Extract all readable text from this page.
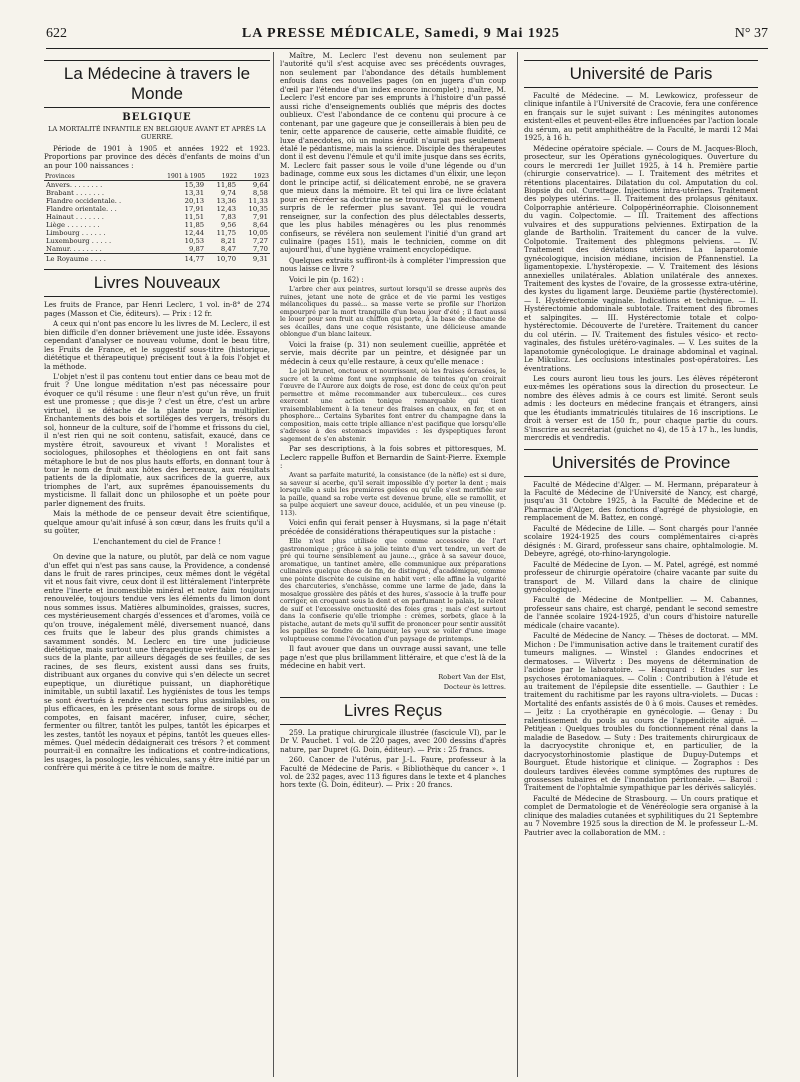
622	LA PRESSE MÉDICALE, Samedi, 9 Mai 1925	N° 37
La Médecine à travers le Monde
BELGIQUE
LA MORTALITÉ INFANTILE EN BELGIQUE AVANT ET APRÈS LA GUERRE.

Période de 1901 à 1905 et années 1922 et 1923. Proportions par province des décès d'enfants de moins d'un an pour 100 naissances :

Provinces	1901 à 1905	1922	1923
Anvers. . . . . . . .	15,39	11,85	9,64
Brabant . . . . . . .	13,31	9,74	8,58
Flandre occidentale. .	20,13	13,36	11,33
Flandre orientale. . .	17,91	12,43	10,35
Hainaut . . . . . . .	11,51	7,83	7,91
Liège . . . . . . . .	11,85	9,56	8,64
Limbourg . . . . . .	12,44	11,75	10,05
Luxembourg . . . . .	10,53	8,21	7,27
Namur. . . . . . . .	9,87	8,47	7,70
Le Royaume . . . .	14,77	10,70	9,31
Livres Nouveaux

Les fruits de France, par Henri Leclerc, 1 vol. in-8° de 274 pages (Masson et Cie, éditeurs). — Prix : 12 fr.

A ceux qui n'ont pas encore lu les livres de M. Leclerc, il est bien difficile d'en donner brièvement une juste idée. Essayons cependant d'analyser ce nouveau volume, dont le beau titre, les Fruits de France, et le suggestif sous-titre (historique, diététique et thérapeutique) précisent tout à la fois l'objet et la méthode.

L'objet n'est il pas contenu tout entier dans ce beau mot de fruit ? Une longue méditation n'est pas nécessaire pour évoquer ce qu'il résume : une fleur n'est qu'un rêve, un fruit est une promesse ; que dis-je ? c'est un être, c'est un arbre virtuel, il se détache de la plante pour la multiplier. Enchantements des bois et sortilèges des vergers, trésors du sol, honneur de la culture, soif de l'homme et frissons du ciel, il n'est rien qui ne soit contenu, satisfait, exaucé, dans ce mystère étroit, savoureux et vivant ! Moralistes et sociologues, philosophes et théologiens en ont fait sans métaphore le but de nos plus hauts efforts, en donnant tour à tour le nom de fruit aux hôtes des berceaux, aux résultats patients de la diplomatie, aux sacrifices de la guerre, aux triomphes de l'art, aux suprêmes épanouissements du mysticisme. Il fallait donc un philosophe et un poète pour parler dignement des fruits.

Mais la méthode de ce penseur devait être scientifique, quelque amour qu'ait infusé à son cœur, dans les fruits qu'il a su goûter,

L'enchantement du ciel de France !

On devine que la nature, ou plutôt, par delà ce nom vague d'un effet qui n'est pas sans cause, la Providence, a condensé dans le fruit de rares principes, ceux mêmes dont le végétal vit et nous fait vivre, ceux dont il est littéralement l'interprète entre l'inerte et incomestible minéral et notre faim toujours renouvelée, toujours tendue vers les éléments du limon dont nous sommes issus. Matières albuminoïdes, graisses, sucres, ces mystérieusement chargés d'essences et d'aromes, voilà ce qu'on trouve, inégalement mêlé, diversement nuancé, dans ces fruits que le labeur des plus grands chimistes a savamment sondés. M. Leclerc en tire une judicieuse diététique, mais surtout une thérapeutique véritable ; car les sucs de la plante, par ailleurs dégagés de ses feuilles, de ses racines, de ses fleurs, existent aussi dans ses fruits, distribuant aux organes du convive qui s'en délecte un secret eupeptique, un diurétique puissant, un diaphorétique inimitable, un subtil laxatif. Les hygiénistes de tous les temps se sont évertués à rendre ces nectars plus assimilables, ou plus efficaces, en les présentant sous forme de sirops ou de compotes, en faisant macérer, infuser, cuire, sécher, fermenter ou filtrer, tantôt les pulpes, tantôt les épicarpes et les zestes, tantôt les noyaux et pépins, tantôt les queues elles-mêmes. Quel médecin dédaignerait ces trésors ? et comment pourrait-il en connaître les indications et contre-indications, les usages, la posologie, les véhicules, sans y être initié par un confrère qui mérite à ce titre le nom de maître.

Maître, M. Leclerc l'est devenu non seulement par l'autorité qu'il s'est acquise avec ses précédents ouvrages, non seulement par l'abondance des détails humblement enfouis dans ces nouvelles pages (on en jugera d'un coup d'œil par l'étendue d'un index encore incomplet) ; maître, M. Leclerc l'est encore par ses emprunts à l'histoire d'un passé aussi riche d'enseignements oubliés que mépris des doctes oublieux. C'est l'abondance de ce contenu qui procure à ce contenant, par une gageure que je conseillerais à bien peu de tenir, cette apparence de causerie, cette aimable fluidité, ce luxe d'anecdotes, où un moins érudit n'aurait pas seulement étalé le pédantisme, mais la science. Disciple des thérapeutes dont il est devenu l'émule et qu'il imite jusque dans ses écrits, M. Leclerc fait passer sous le voile d'une légende ou d'un badinage, comme eux sous les dictames d'un élixir, une leçon dont le principe actif, si délicatement enrobé, ne se gravera que mieux dans la mémoire. Et tel qui lira ce livre éclatant pour en récréer sa doctrine ne se trouvera pas médiocrement surpris de le refermer plus savant. Tel qui le voudra renseigner, sur la confection des plus délectables desserts, que les plus habiles ménagères ou les plus renommés confiseurs, se révélera non seulement l'initié d'un grand art culinaire (pages 151), mais le technicien, comme on dit aujourd'hui, d'une hygiène vraiment encyclopédique.

Quelques extraits suffiront-ils à compléter l'impression que nous laisse ce livre ?

Voici le pin (p. 162) :

L'arbre cher aux peintres, surtout lorsqu'il se dresse auprès des ruines, jetant une note de grâce et de vie parmi les vestiges mélancoliques du passé... sa masse verte se profile sur l'horizon empourpré par la mort tranquille d'un beau jour d'été ; il faut aussi le louer pour son fruit au chiffon qui porte, à la base de chacune de ses écailles, dans une coque résistante, une délicieuse amande oblongue d'un blanc laiteux.

Voici la fraise (p. 31) non seulement cueillie, apprêtée et servie, mais décrite par un peintre, et désignée par un médecin à ceux qu'elle restaure, à ceux qu'elle menace :

Le joli brunet, onctueux et nourrissant, où les fraises écrasées, le sucre et la crème font une symphonie de teintes qu'on croirait l'œuvre de l'Aurore aux doigts de rose, est donc de ceux qu'on peut permettre et même recommander aux tuberculeux... ces cures exercent une action tonique remarquable qui tient vraisemblablement à la teneur des fraises en chaux, en fer, et en phosphore... Certains Sybarites font entrer du champagne dans la composition, mais cette triple alliance n'est pacifique que lorsqu'elle s'adresse à des estomacs impavides : les dyspeptiques feront sagement de s'en abstenir.

Par ses descriptions, à la fois sobres et pittoresques, M. Leclerc rappelle Buffon et Bernardin de Saint-Pierre. Exemple :

Avant sa parfaite maturité, la consistance (de la nèfle) est si dure, sa saveur si acerbe, qu'il serait impossible d'y porter la dent ; mais lorsqu'elle a subi les premières gelées ou qu'elle s'est mortifiée sur la paille, quand sa robe verte est devenue brune, elle se ramollit, et sa pulpe acquiert une saveur douce, acidulée, et un peu vineuse (p. 113).

Voici enfin qui ferait penser à Huysmans, si la page n'était précédée de considérations thérapeutiques sur la pistache :

Elle n'est plus utilisée que comme accessoire de l'art gastronomique ; grâce à sa jolie teinte d'un vert tendre, un vert de pré qui tourne sensiblement au jaune..., grâce à sa saveur douce, aromatique, un tantinet amère, elle communique aux préparations culinaires quelque chose de fin, de distingué, d'académique, comme une pointe discrète de cuisine en habit vert : elle affine la vulgarité des charcuteries, s'enchâsse, comme une larme de jade, dans la mosaïque grossière des pâtés et des hures, s'associe à la truffe pour corriger, en croquant sous la dent et en parfumant le palais, le relent de suif et l'excessive onctuosité des foies gras ; mais c'est surtout dans la confiserie qu'elle triomphe : crèmes, sorbets, glace à la pistache, autant de mets qu'il suffit de prononcer pour sentir aussitôt les papilles se fondre de langueur, les yeux se voiler d'une image voluptueuse comme l'évocation d'un paysage de printemps.

Il faut avouer que dans un ouvrage aussi savant, une telle page n'est que plus brillamment littéraire, et que c'est là de la médecine en habit vert.

Robert Van der Elst,

Docteur ès lettres.

Livres Reçus

259. La pratique chirurgicale illustrée (fascicule VI), par le Dr V. Pauchet. 1 vol. de 220 pages, avec 200 dessins d'après nature, par Dupret (G. Doin, éditeur). — Prix : 25 francs.

260. Cancer de l'utérus, par J.-L. Faure, professeur à la Faculté de Médecine de Paris. « Bibliothèque du cancer ». 1 vol. de 232 pages, avec 113 figures dans le texte et 4 planches hors texte (G. Doin, éditeur). — Prix : 20 francs.

Université de Paris

Faculté de Médecine. — M. Lewkowicz, professeur de clinique infantile à l'Université de Cracovie, fera une conférence en français sur le sujet suivant : Les méningites autonomes existent-elles et peuvent-elles être influencées par l'action locale du sérum, au petit amphithéâtre de la Faculté, le mardi 12 Mai 1925, à 16 h.

Médecine opératoire spéciale. — Cours de M. Jacques-Bloch, prosecteur, sur les Opérations gynécologiques. Ouverture du cours le mercredi 1er Juillet 1925, à 14 h. Première partie (chirurgie conservatrice). — I. Traitement des métrites et rétentions placentaires. Dilatation du col. Amputation du col. Biopsie du col. Curettage. Injections intra-utérines. Traitement des polypes utérins. — II. Traitement des prolapsus génitaux. Colporraphie antérieure. Colpopérinéorraphie. Cloisonnement du vagin. Colpectomie. — III. Traitement des affections vulvaires et des suppurations pelviennes. Extirpation de la glande de Bartholin. Traitement du cancer de la vulve. Colpotomie. Traitement des phlegmons pelviens. — IV. Traitement des déviations utérines. La laparotomie gynécologique, incision médiane, incision de Pfannenstiel. La ligamentopexie. L'hystéropexie. — V. Traitement des lésions annexielles unilatérales. Ablation unilatérale des annexes. Traitement des kystes de l'ovaire, de la grossesse extra-utérine, des kystes du ligament large. Deuxième partie (hystérectomie). — I. Hystérectomie vaginale. Indications et technique. — II. Hystérectomie abdominale subtotale. Traitement des fibromes et salpingites. — III. Hystérectomie totale et colpo-hystérectomie. Découverte de l'uretère. Traitement du cancer du col utérin. — IV. Traitement des fistules vésico- et recto-vaginales, des fistules urétéro-vaginales. — V. Les suites de la lapanotomie gynécologique. Le drainage abdominal et vaginal. Le Mikulicz. Les occlusions intestinales post-opératoires. Les éventrations.

Les cours auront lieu tous les jours. Les élèves répéteront eux-mêmes les opérations sous la direction du prosecteur. Le nombre des élèves admis à ce cours est limité. Seront seuls admis : les docteurs en médecine français et étrangers, ainsi que les étudiants immatriculés titulaires de 16 inscriptions. Le droit à verser est de 150 fr., pour chaque partie du cours. S'inscrire au secrétariat (guichet no 4), de 15 à 17 h., les lundis, mercredis et vendredis.

Universités de Province

Faculté de Médecine d'Alger. — M. Hermann, préparateur à la Faculté de Médecine de l'Université de Nancy, est chargé, jusqu'au 31 Octobre 1925, à la Faculté de Médecine et de Pharmacie d'Alger, des fonctions d'agrégé de physiologie, en remplacement de M. Battez, en congé.

Faculté de Médecine de Lille. — Sont chargés pour l'année scolaire 1924-1925 des cours complémentaires ci-après désignés : M. Girard, professeur sans chaire, ophtalmologie. M. Debeyre, agrégé, oto-rhino-laryngologie.

Faculté de Médecine de Lyon. — M. Patel, agrégé, est nommé professeur de chirurgie opératoire (chaire vacante par suite du transport de M. Villard dans la chaire de clinique gynécologique).

Faculté de Médecine de Montpellier. — M. Cabannes, professeur sans chaire, est chargé, pendant le second semestre de l'année scolaire 1924-1925, d'un cours d'histoire naturelle médicale (chaire vacante).

Faculté de Médecine de Nancy. — Thèses de doctorat. — MM. Michon : De l'immunisation active dans le traitement curatif des tumeurs malignes. — Winstel : Glandes endocrines et dermatoses. — Wilvertz : Des moyens de détermination de l'acidose par le laboratoire. — Hacquard : Etudes sur les psychoses érotomaniaques. — Colin : Contribution à l'étude et au traitement de l'épilepsie dite essentielle. — Gauthier : Le traitement du rachitisme par les rayons ultra-violets. — Ducas : Mortalité des enfants assistés de 0 à 6 mois. Causes et remèdes. — Jeitz : La cryothérapie en gynécologie. — Genay : Du ralentissement du pouls au cours de l'appendicite aiguë. — Petitjean : Quelques troubles du fonctionnement rénal dans la maladie de Basedow. — Suty : Des traitements chirurgicaux de la dacryocystite chronique et, en particulier, de la dacryocystorhinostomie plastique de Dupuy-Dutemps et Bourguet. Étude historique et clinique. — Zographos : Des douleurs tardives élevées comme symptômes des ruptures de grossesses tubaires et de l'inondation péritonéale. — Baroil : Traitement de l'ophtalmie sympathique par les dérivés salicylés.

Faculté de Médecine de Strasbourg. — Un cours pratique et complet de Dermatologie et de Vénéréologie sera organisé à la clinique des maladies cutanées et syphilitiques du 21 Septembre au 7 Novembre 1925 sous la direction de M. le professeur L.-M. Pautrier avec la collaboration de MM. :
